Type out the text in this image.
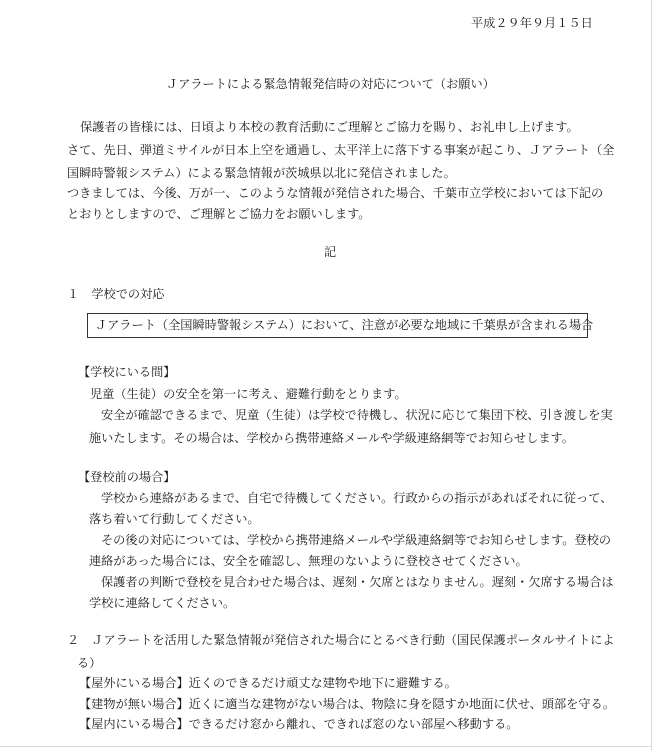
平成２９年９月１５日
Ｊアラートによる緊急情報発信時の対応について（お願い）
保護者の皆様には、日頃より本校の教育活動にご理解とご協力を賜り、お礼申し上げます。
さて、先日、弾道ミサイルが日本上空を通過し、太平洋上に落下する事案が起こり、Ｊアラート（全
国瞬時警報システム）による緊急情報が茨城県以北に発信されました。
つきましては、今後、万が一、このような情報が発信された場合、千葉市立学校においては下記の
とおりとしますので、ご理解とご協力をお願いします。
記
１　学校での対応
Ｊアラート（全国瞬時警報システム）において、注意が必要な地域に千葉県が含まれる場合
【学校にいる間】
児童（生徒）の安全を第一に考え、避難行動をとります。
安全が確認できるまで、児童（生徒）は学校で待機し、状況に応じて集団下校、引き渡しを実
施いたします。その場合は、学校から携帯連絡メールや学級連絡網等でお知らせします。
【登校前の場合】
学校から連絡があるまで、自宅で待機してください。行政からの指示があればそれに従って、
落ち着いて行動してください。
その後の対応については、学校から携帯連絡メールや学級連絡網等でお知らせします。登校の
連絡があった場合には、安全を確認し、無理のないように登校させてください。
保護者の判断で登校を見合わせた場合は、遅刻・欠席とはなりません。遅刻・欠席する場合は
学校に連絡してください。
２　Ｊアラートを活用した緊急情報が発信された場合にとるべき行動（国民保護ポータルサイトによ
る）
【屋外にいる場合】近くのできるだけ頑丈な建物や地下に避難する。
【建物が無い場合】近くに適当な建物がない場合は、物陰に身を隠すか地面に伏せ、頭部を守る。
【屋内にいる場合】できるだけ窓から離れ、できれば窓のない部屋へ移動する。
